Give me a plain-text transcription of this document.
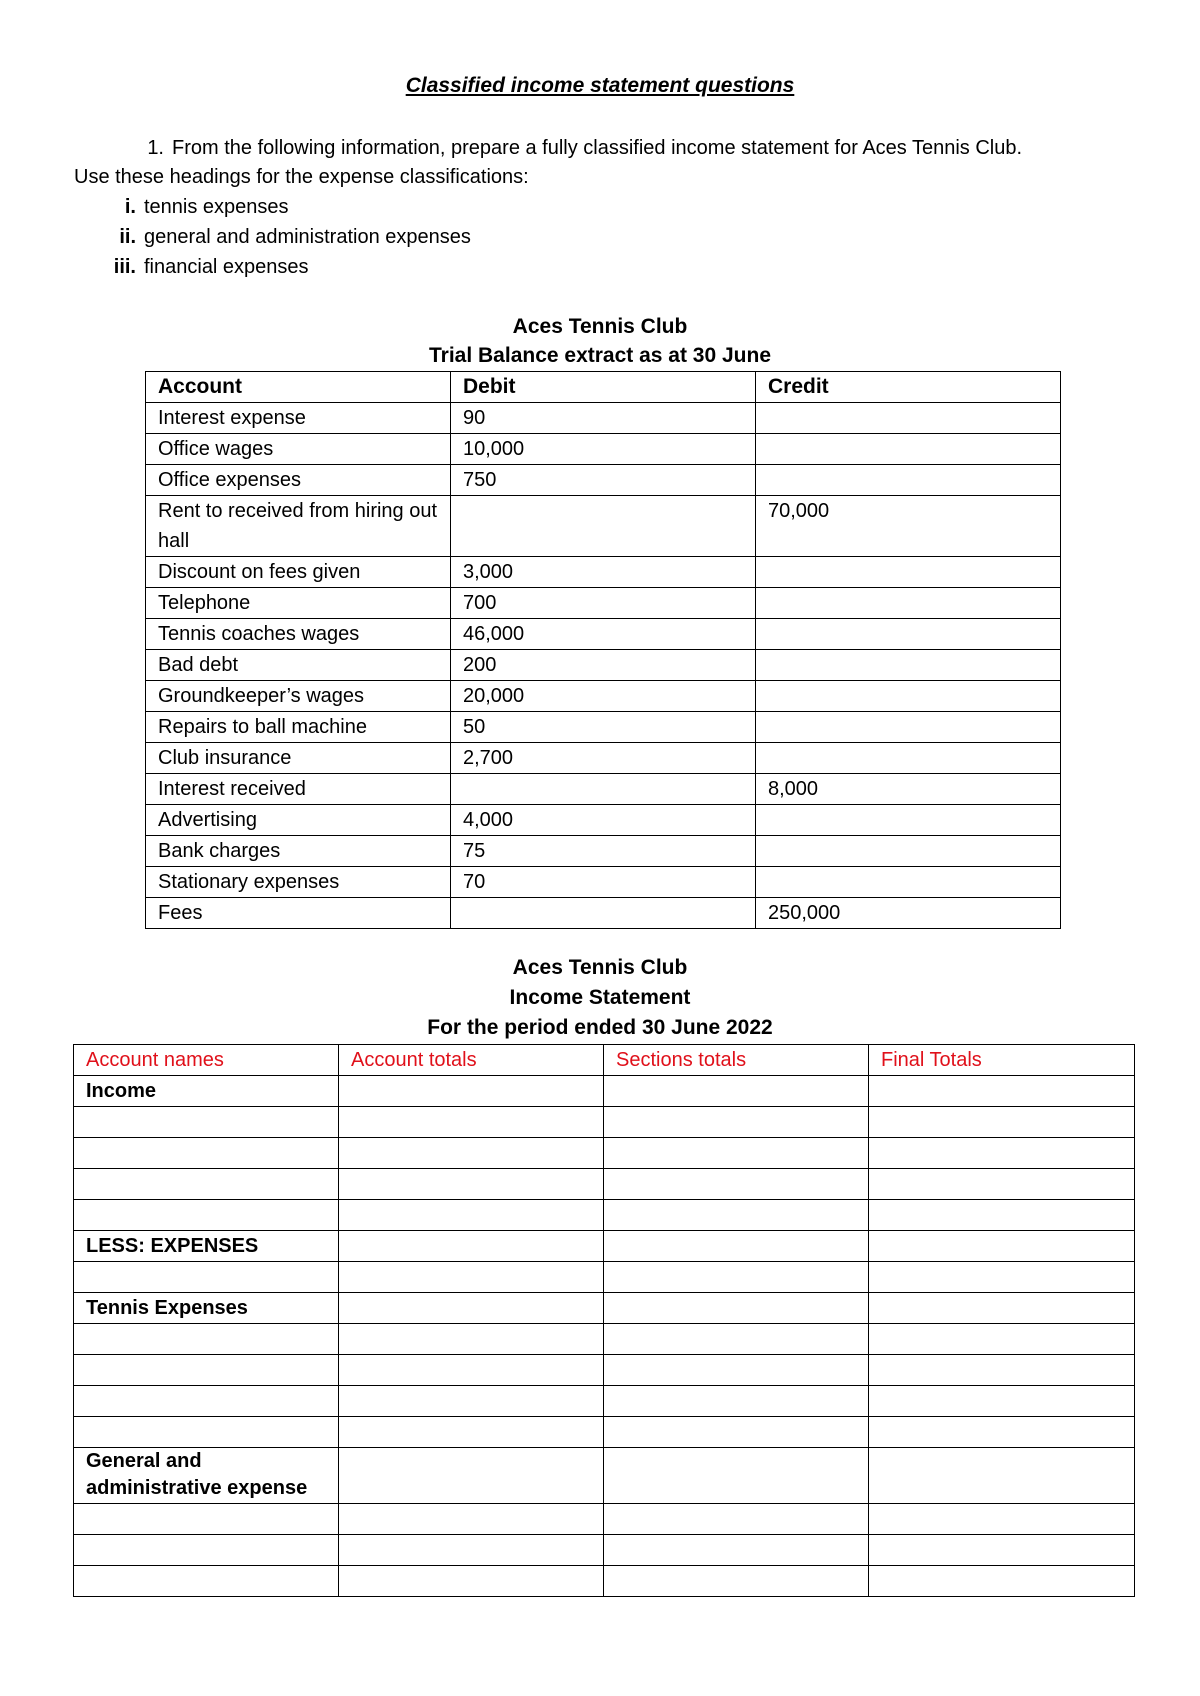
Classified income statement questions
1. From the following information, prepare a fully classified income statement for Aces Tennis Club.
Use these headings for the expense classifications:
i. tennis expenses
ii. general and administration expenses
iii. financial expenses
Aces Tennis Club
Trial Balance extract as at 30 June
Account	Debit	Credit
Interest expense	90	
Office wages	10,000	
Office expenses	750	
Rent to received from hiring out hall		70,000
Discount on fees given	3,000	
Telephone	700	
Tennis coaches wages	46,000	
Bad debt	200	
Groundkeeper’s wages	20,000	
Repairs to ball machine	50	
Club insurance	2,700	
Interest received		8,000
Advertising	4,000	
Bank charges	75	
Stationary expenses	70	
Fees		250,000
Aces Tennis Club
Income Statement
For the period ended 30 June 2022
Account names	Account totals	Sections totals	Final Totals
Income			

LESS: EXPENSES			

Tennis Expenses			

General and administrative expense			
